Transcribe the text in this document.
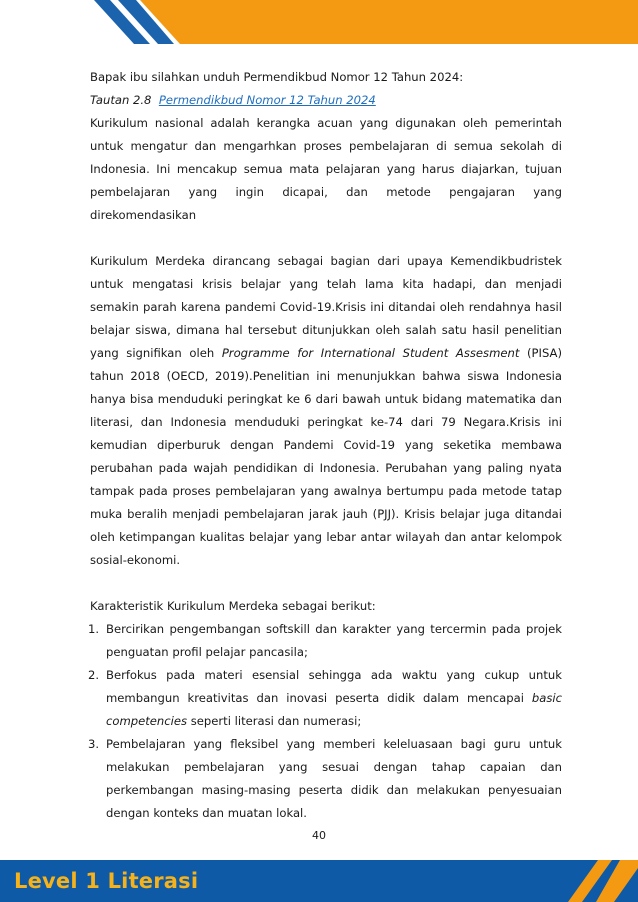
Bapak ibu silahkan unduh Permendikbud Nomor 12 Tahun 2024:

Tautan 2.8 Permendikbud Nomor 12 Tahun 2024

Kurikulum nasional adalah kerangka acuan yang digunakan oleh pemerintah untuk mengatur dan mengarhkan proses pembelajaran di semua sekolah di Indonesia. Ini mencakup semua mata pelajaran yang harus diajarkan, tujuan pembelajaran yang ingin dicapai, dan metode pengajaran yang direkomendasikan

Kurikulum Merdeka dirancang sebagai bagian dari upaya Kemendikbudristek untuk mengatasi krisis belajar yang telah lama kita hadapi, dan menjadi semakin parah karena pandemi Covid-19.Krisis ini ditandai oleh rendahnya hasil belajar siswa, dimana hal tersebut ditunjukkan oleh salah satu hasil penelitian yang signifikan oleh Programme for International Student Assesment (PISA) tahun 2018 (OECD, 2019).Penelitian ini menunjukkan bahwa siswa Indonesia hanya bisa menduduki peringkat ke 6 dari bawah untuk bidang matematika dan literasi, dan Indonesia menduduki peringkat ke-74 dari 79 Negara.Krisis ini kemudian diperburuk dengan Pandemi Covid-19 yang seketika membawa perubahan pada wajah pendidikan di Indonesia. Perubahan yang paling nyata tampak pada proses pembelajaran yang awalnya bertumpu pada metode tatap muka beralih menjadi pembelajaran jarak jauh (PJJ). Krisis belajar juga ditandai oleh ketimpangan kualitas belajar yang lebar antar wilayah dan antar kelompok sosial-ekonomi.

Karakteristik Kurikulum Merdeka sebagai berikut:

1. Bercirikan pengembangan softskill dan karakter yang tercermin pada projek penguatan profil pelajar pancasila;
2. Berfokus pada materi esensial sehingga ada waktu yang cukup untuk membangun kreativitas dan inovasi peserta didik dalam mencapai basic competencies seperti literasi dan numerasi;
3. Pembelajaran yang fleksibel yang memberi keleluasaan bagi guru untuk melakukan pembelajaran yang sesuai dengan tahap capaian dan perkembangan masing-masing peserta didik dan melakukan penyesuaian dengan konteks dan muatan lokal.
40
Level 1 Literasi
